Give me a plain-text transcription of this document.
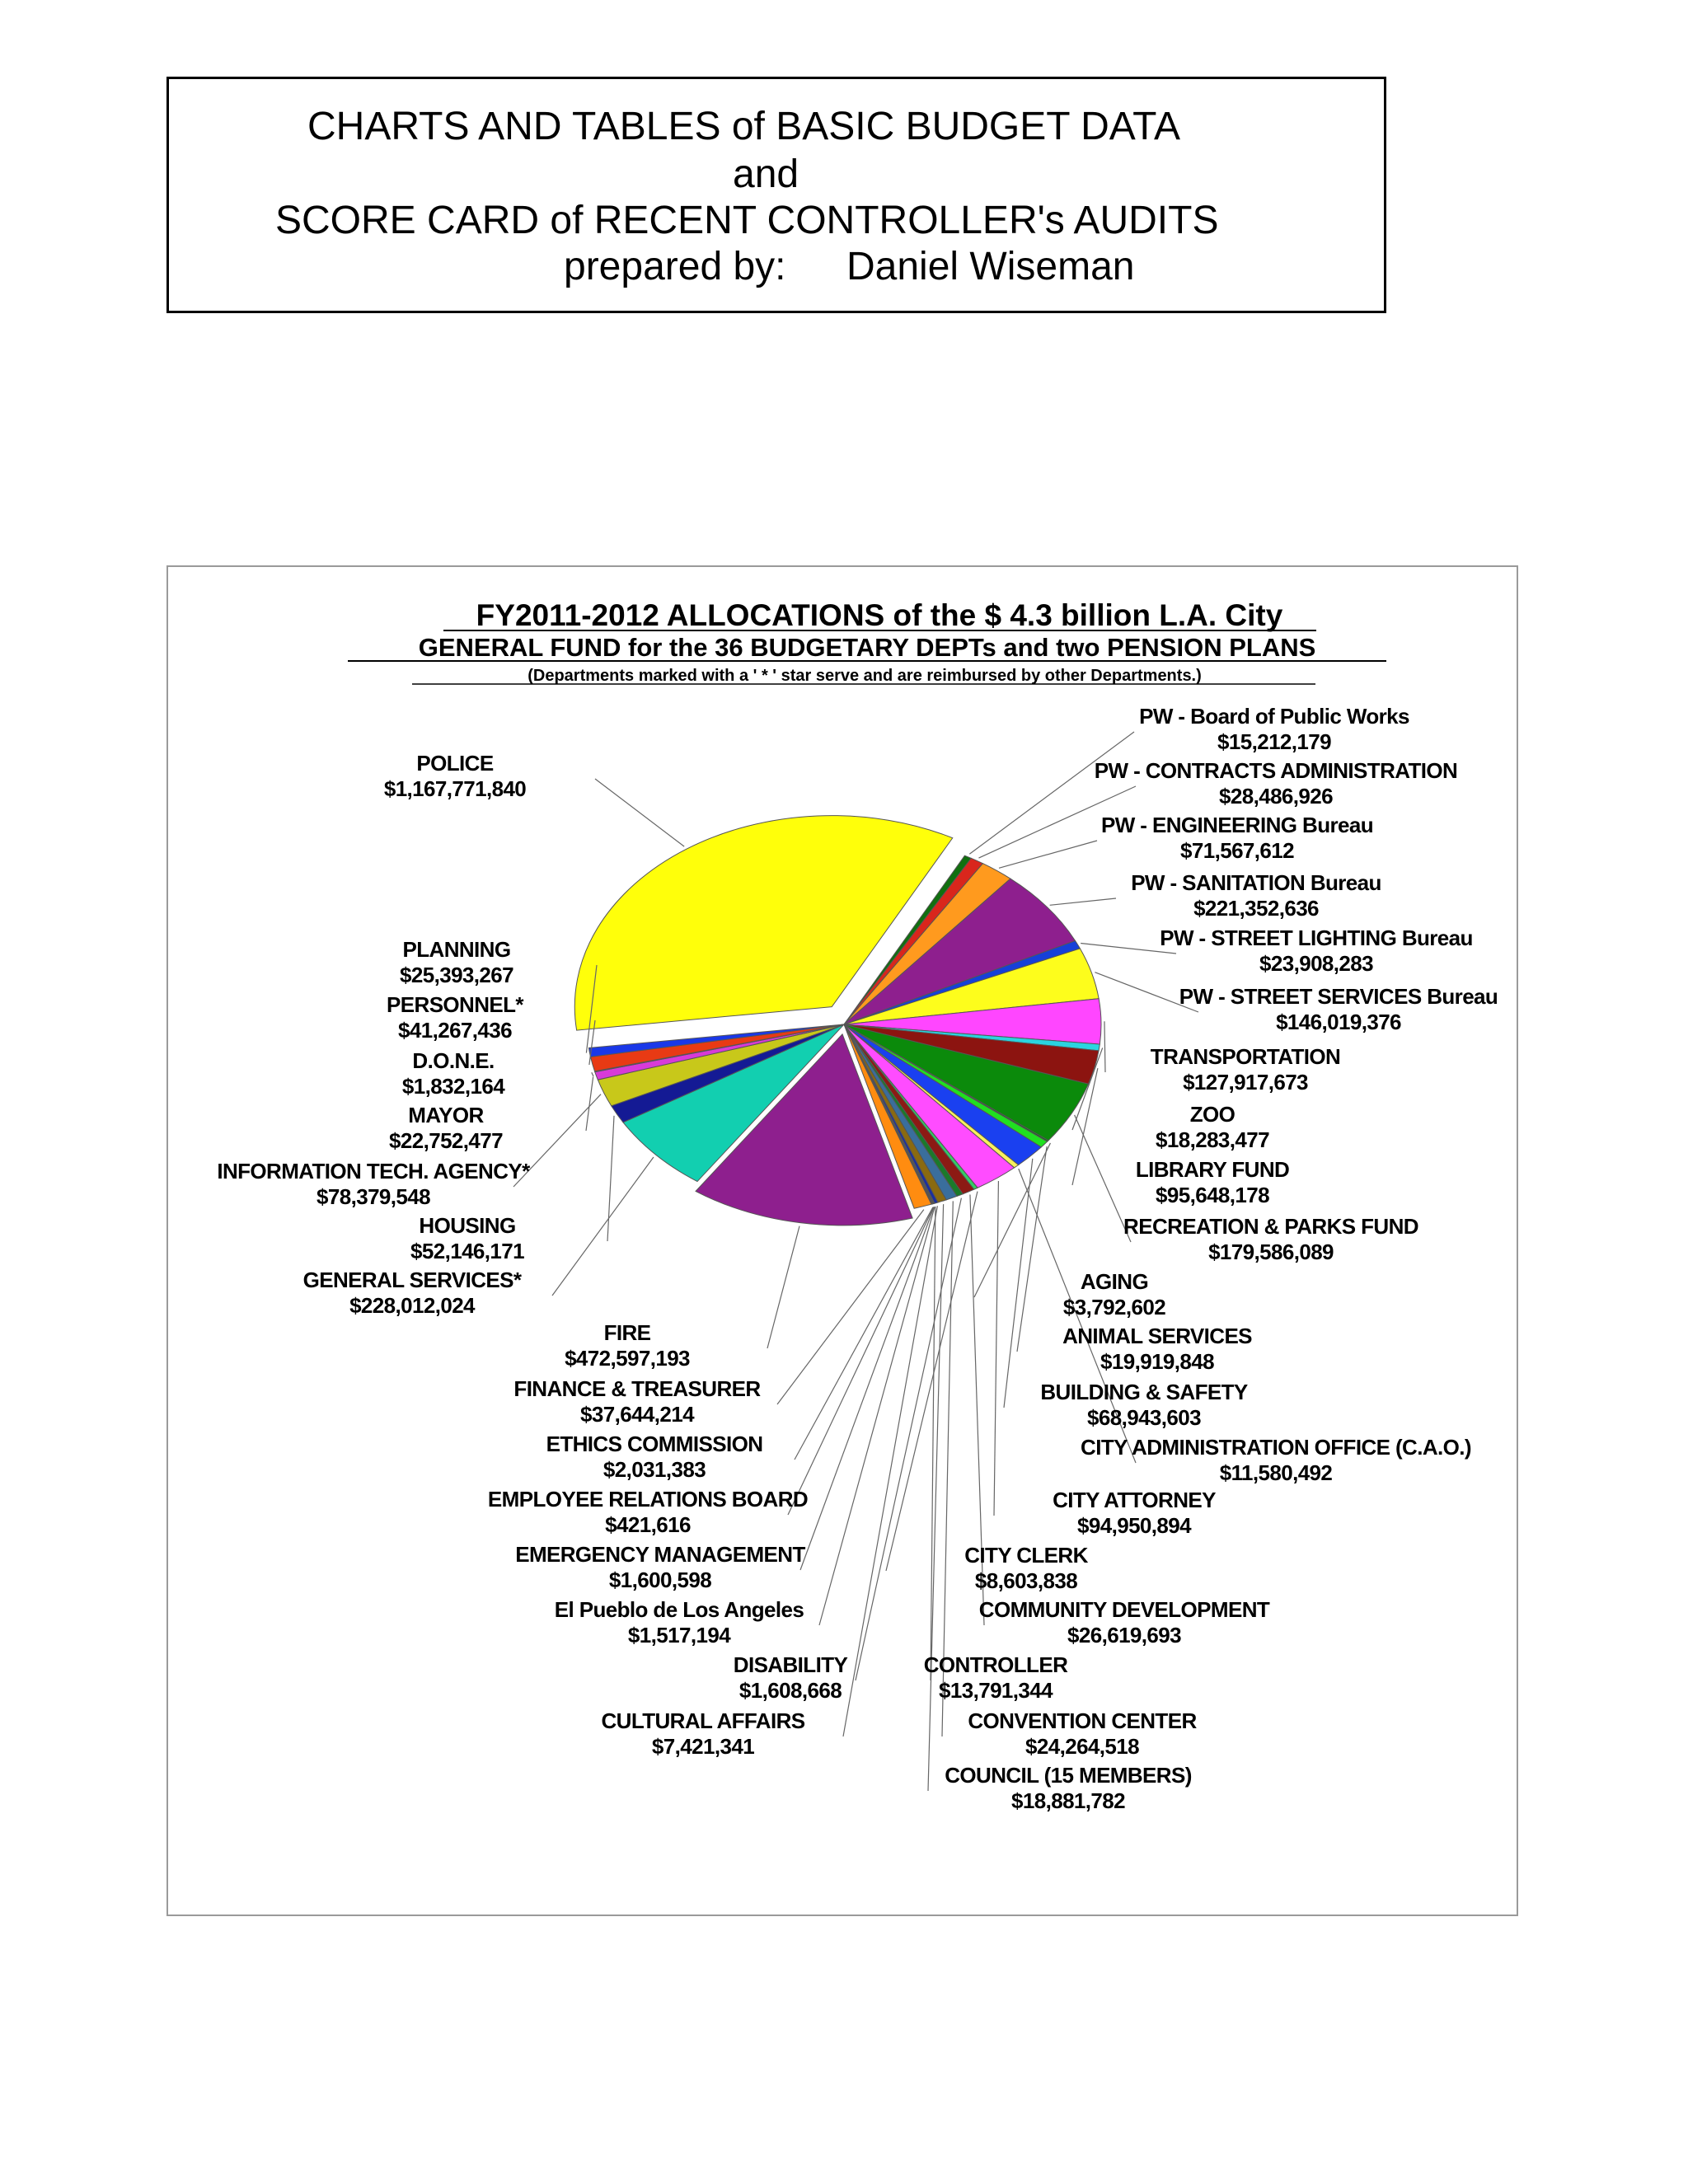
CHARTS AND TABLES of BASIC BUDGET DATA
and
SCORE CARD of RECENT CONTROLLER's AUDITS
prepared by: Daniel Wiseman
FY2011-2012 ALLOCATIONS of the $ 4.3 billion L.A. City
GENERAL FUND for the 36 BUDGETARY DEPTs and two PENSION PLANS
(Departments marked with a ' * ' star serve and are reimbursed by other Departments.)
PW - Board of Public Works $15,212,179
PW - CONTRACTS ADMINISTRATION $28,486,926
PW - ENGINEERING Bureau $71,567,612
PW - SANITATION Bureau $221,352,636
PW - STREET LIGHTING Bureau $23,908,283
PW - STREET SERVICES Bureau $146,019,376
TRANSPORTATION $127,917,673
ZOO $18,283,477
LIBRARY FUND $95,648,178
RECREATION & PARKS FUND $179,586,089
AGING $3,792,602
ANIMAL SERVICES $19,919,848
BUILDING & SAFETY $68,943,603
CITY ADMINISTRATION OFFICE (C.A.O.) $11,580,492
CITY ATTORNEY $94,950,894
CITY CLERK $8,603,838
COMMUNITY DEVELOPMENT $26,619,693
CONTROLLER $13,791,344
CONVENTION CENTER $24,264,518
COUNCIL (15 MEMBERS) $18,881,782
CULTURAL AFFAIRS $7,421,341
DISABILITY $1,608,668
El Pueblo de Los Angeles $1,517,194
EMERGENCY MANAGEMENT $1,600,598
EMPLOYEE RELATIONS BOARD $421,616
ETHICS COMMISSION $2,031,383
FINANCE & TREASURER $37,644,214
FIRE $472,597,193
GENERAL SERVICES* $228,012,024
HOUSING $52,146,171
INFORMATION TECH. AGENCY* $78,379,548
MAYOR $22,752,477
D.O.N.E. $1,832,164
PERSONNEL* $41,267,436
PLANNING $25,393,267
POLICE $1,167,771,840
